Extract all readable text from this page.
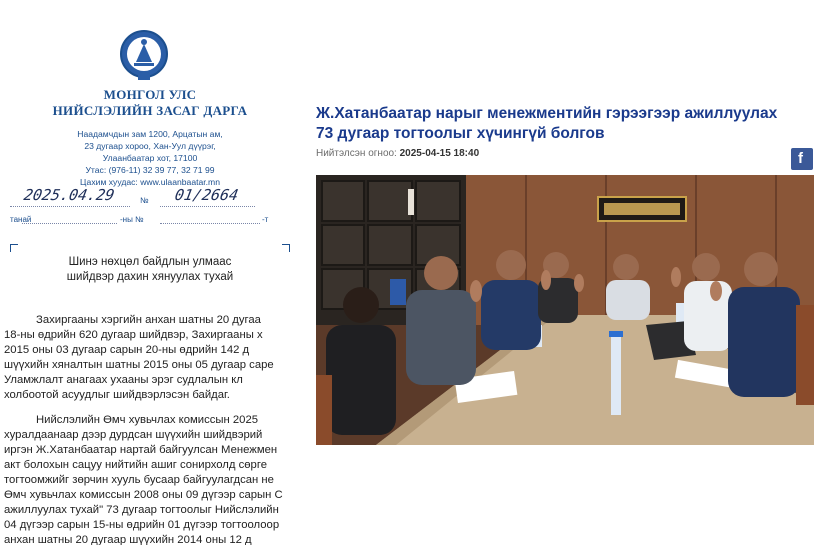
МОНГОЛ УЛС
НИЙСЛЭЛИЙН ЗАСАГ ДАРГА
Наадамчдын зам 1200, Арцатын ам,
23 дугаар хороо, Хан-Уул дүүрэг,
Улаанбаатар хот, 17100
Утас: (976-11) 32 39 77, 32 71 99
Цахим хуудас: www.ulaanbaatar.mn
2025.04.29	№ 01/2664
танай	-ны №	-т
Шинэ нөхцөл байдлын улмаас
шийдвэр дахин хянуулах тухай
Захиргааны хэргийн анхан шатны 20 дугаа
18-ны өдрийн 620 дугаар шийдвэр, Захиргааны х
2015 оны 03 дугаар сарын 20-ны өдрийн 142 д
шүүхийн хяналтын шатны 2015 оны 05 дугаар саре
Уламжлалт анагаах ухааны эрэг судлалын кл
холбоотой асуудлыг шийдвэрлэсэн байдаг.
Нийслэлийн Өмч хувьчлах комиссын 2025
хуралдаанаар дээр дурдсан шүүхийн шийдвэрий
иргэн Ж.Хатанбаатар нартай байгуулсан Менежмен
акт болохын сацуу нийтийн ашиг сонирхолд сөрге
тогтоомжийг зөрчин хууль бусаар байгуулагдсан не
Өмч хувьчлах комиссын 2008 оны 09 дүгээр сарын С
ажиллуулах тухай" 73 дугаар тогтоолыг Нийслэлийн
04 дүгээр сарын 15-ны өдрийн 01 дүгээр тогтоолоор
анхан шатны 20 дугаар шүүхийн 2014 оны 12 д
Ж.Хатанбаатар нарыг менежментийн гэрээгээр ажиллуулах 73 дугаар тогтоолыг хүчингүй болгов
Нийтэлсэн огноо: 2025-04-15 18:40	f
